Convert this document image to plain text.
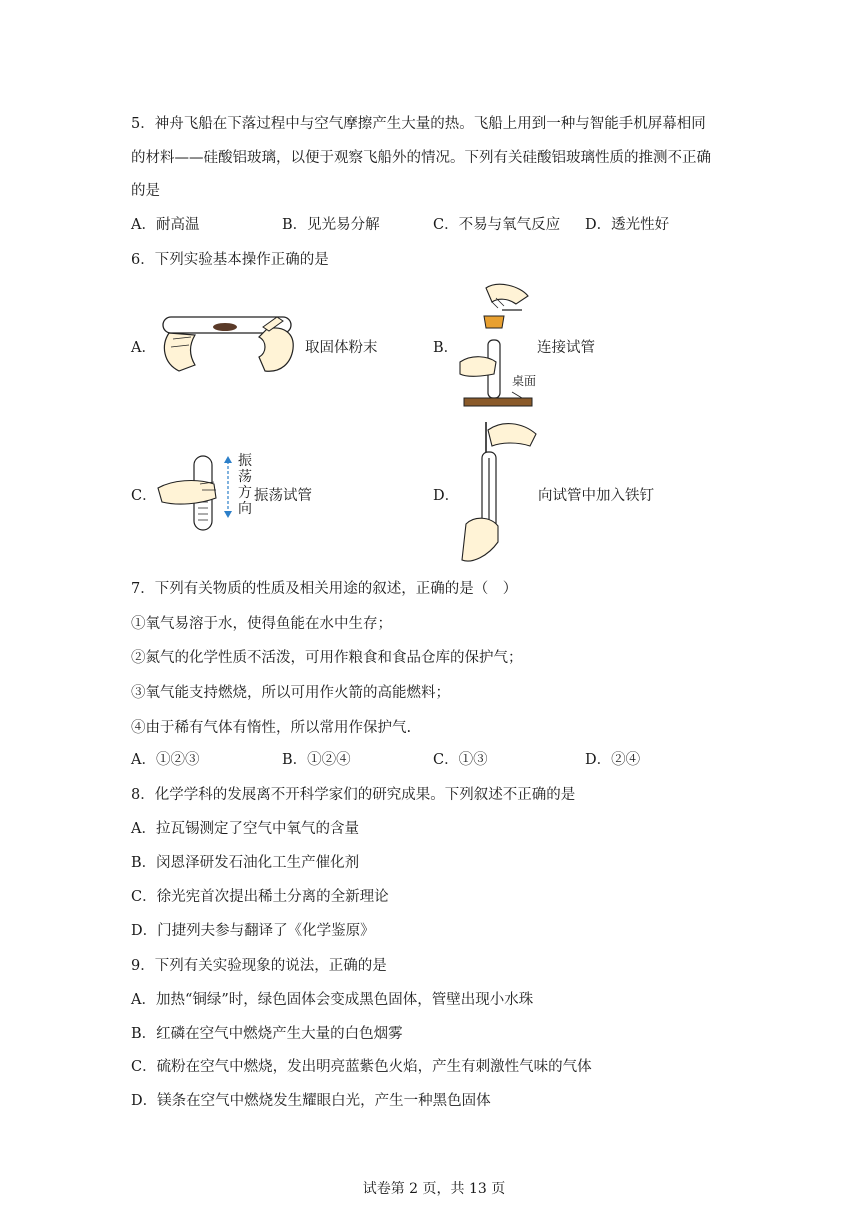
5．神舟飞船在下落过程中与空气摩擦产生大量的热。飞船上用到一种与智能手机屏幕相同
的材料——硅酸铝玻璃，以便于观察飞船外的情况。下列有关硅酸铝玻璃性质的推测不正确
的是
A．耐高温	B．见光易分解	C．不易与氧气反应 D．透光性好
6．下列实验基本操作正确的是
A．	取固体粉末	B．	连接试管
桌面
C．
振
荡
方
向
振荡试管	D．	向试管中加入铁钉
7．下列有关物质的性质及相关用途的叙述，正确的是（　）
①氧气易溶于水，使得鱼能在水中生存；
②氮气的化学性质不活泼，可用作粮食和食品仓库的保护气；
③氧气能支持燃烧，所以可用作火箭的高能燃料；
④由于稀有气体有惰性，所以常用作保护气.
A．①②③	B．①②④	C．①③	D．②④
8．化学学科的发展离不开科学家们的研究成果。下列叙述不正确的是
A．拉瓦锡测定了空气中氧气的含量
B．闵恩泽研发石油化工生产催化剂
C．徐光宪首次提出稀土分离的全新理论
D．门捷列夫参与翻译了《化学鉴原》
9．下列有关实验现象的说法，正确的是
A．加热“铜绿”时，绿色固体会变成黑色固体，管壁出现小水珠
B．红磷在空气中燃烧产生大量的白色烟雾
C．硫粉在空气中燃烧，发出明亮蓝紫色火焰，产生有刺激性气味的气体
D．镁条在空气中燃烧发生耀眼白光，产生一种黑色固体
试卷第 2 页，共 13 页
